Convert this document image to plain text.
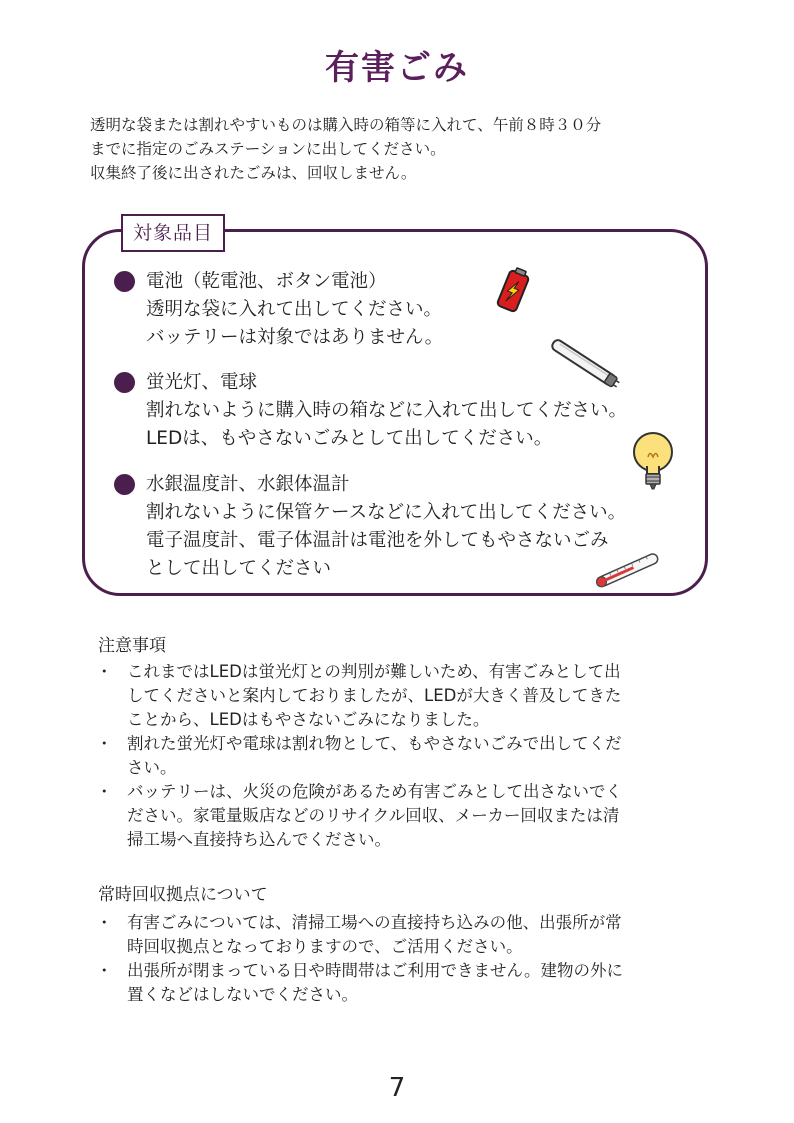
有害ごみ
透明な袋または割れやすいものは購入時の箱等に入れて、午前８時３０分
までに指定のごみステーションに出してください。
収集終了後に出されたごみは、回収しません。
対象品目
電池（乾電池、ボタン電池）
透明な袋に入れて出してください。
バッテリーは対象ではありません。
蛍光灯、電球
割れないように購入時の箱などに入れて出してください。
LEDは、もやさないごみとして出してください。
水銀温度計、水銀体温計
割れないように保管ケースなどに入れて出してください。
電子温度計、電子体温計は電池を外してもやさないごみ
として出してください
注意事項
・ これまではLEDは蛍光灯との判別が難しいため、有害ごみとして出
してくださいと案内しておりましたが、LEDが大きく普及してきた
ことから、LEDはもやさないごみになりました。
・ 割れた蛍光灯や電球は割れ物として、もやさないごみで出してくだ
さい。
・ バッテリーは、火災の危険があるため有害ごみとして出さないでく
ださい。家電量販店などのリサイクル回収、メーカー回収または清
掃工場へ直接持ち込んでください。
常時回収拠点について
・ 有害ごみについては、清掃工場への直接持ち込みの他、出張所が常
時回収拠点となっておりますので、ご活用ください。
・ 出張所が閉まっている日や時間帯はご利用できません。建物の外に
置くなどはしないでください。
7
